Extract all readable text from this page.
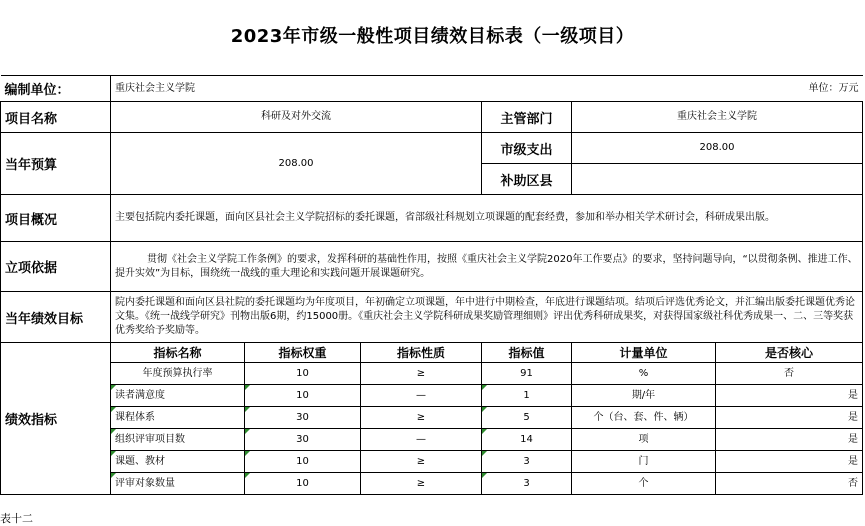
2023年市级一般性项目绩效目标表（一级项目）
编制单位：	重庆社会主义学院				单位：万元	
项目名称	科研及对外交流			主管部门	重庆社会主义学院	
当年预算	208.00			市级支出	208.00	
				补助区县		
项目概况	主要包括院内委托课题，面向区县社会主义学院招标的委托课题，省部级社科规划立项课题的配套经费，参加和举办相关学术研讨会，科研成果出版。					
立项依据	贯彻《社会主义学院工作条例》的要求，发挥科研的基础性作用，按照《重庆社会主义学院2020年工作要点》的要求，坚持问题导向，“以贯彻条例、推进工作、提升实效”为目标，围绕统一战线的重大理论和实践问题开展课题研究。					
当年绩效目标	院内委托课题和面向区县社院的委托课题均为年度项目，年初确定立项课题，年中进行中期检查，年底进行课题结项。结项后评选优秀论文，并汇编出版委托课题优秀论文集。《统一战线学研究》刊物出版6期，约15000册。《重庆社会主义学院科研成果奖励管理细则》评出优秀科研成果奖，对获得国家级社科优秀成果一、二、三等奖获优秀奖给予奖励等。					
绩效指标	指标名称	指标权重	指标性质	指标值	计量单位	是否核心
	年度预算执行率	10	≥	91	%	否
	读者满意度	10	—	1	期/年	是
	课程体系	30	≥	5	个（台、套、件、辆）	是
	组织评审项目数	30	—	14	项	是
	课题、教材	10	≥	3	门	是
	评审对象数量	10	≥	3	个	否
表十二
